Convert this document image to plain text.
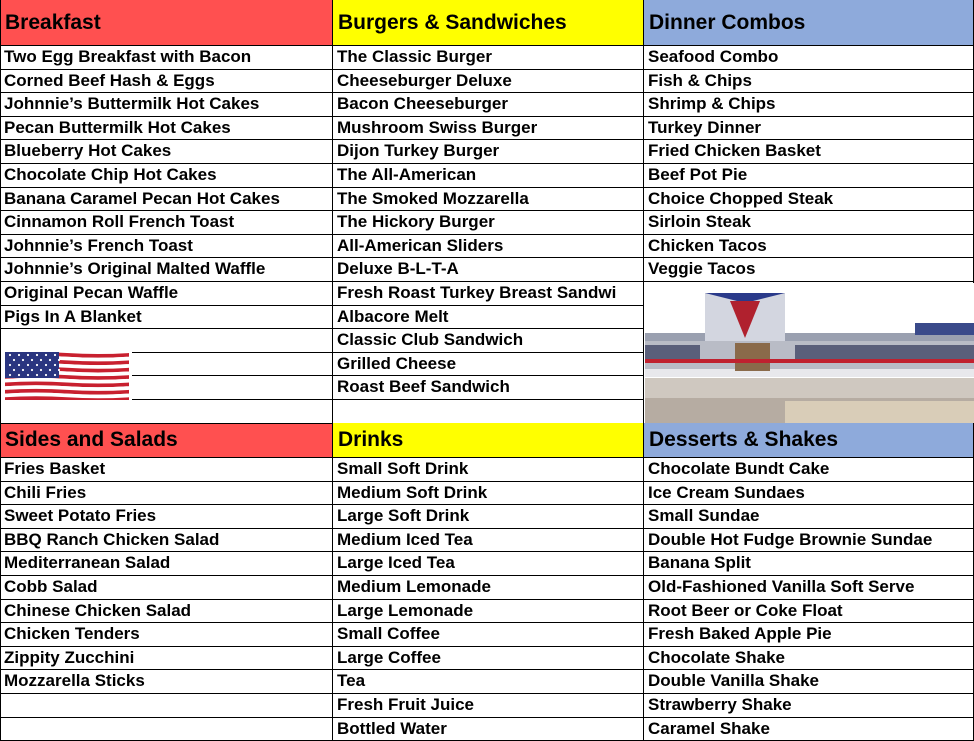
Breakfast
Two Egg Breakfast with Bacon
Corned Beef Hash & Eggs
Johnnie’s Buttermilk Hot Cakes
Pecan Buttermilk Hot Cakes
Blueberry Hot Cakes
Chocolate Chip Hot Cakes
Banana Caramel Pecan Hot Cakes
Cinnamon Roll French Toast
Johnnie’s French Toast
Johnnie’s Original Malted Waffle
Original Pecan Waffle
Pigs In A Blanket
Burgers & Sandwiches
The Classic Burger
Cheeseburger Deluxe
Bacon Cheeseburger
Mushroom Swiss Burger
Dijon Turkey Burger
The All-American
The Smoked Mozzarella
The Hickory Burger
All-American Sliders
Deluxe B-L-T-A
Fresh Roast Turkey Breast Sandwi
Albacore Melt
Classic Club Sandwich
Grilled Cheese
Roast Beef Sandwich
Dinner Combos
Seafood Combo
Fish & Chips
Shrimp & Chips
Turkey Dinner
Fried Chicken Basket
Beef Pot Pie
Choice Chopped Steak
Sirloin Steak
Chicken Tacos
Veggie Tacos
Sides and Salads
Fries Basket
Chili Fries
Sweet Potato Fries
BBQ Ranch Chicken Salad
Mediterranean Salad
Cobb Salad
Chinese Chicken Salad
Chicken Tenders
Zippity Zucchini
Mozzarella Sticks
Drinks
Small Soft Drink
Medium Soft Drink
Large Soft Drink
Medium Iced Tea
Large Iced Tea
Medium Lemonade
Large Lemonade
Small Coffee
Large Coffee
Tea
Fresh Fruit Juice
Bottled Water
Desserts & Shakes
Chocolate Bundt Cake
Ice Cream Sundaes
Small Sundae
Double Hot Fudge Brownie Sundae
Banana Split
Old-Fashioned Vanilla Soft Serve
Root Beer or Coke Float
Fresh Baked Apple Pie
Chocolate Shake
Double Vanilla Shake
Strawberry Shake
Caramel Shake
